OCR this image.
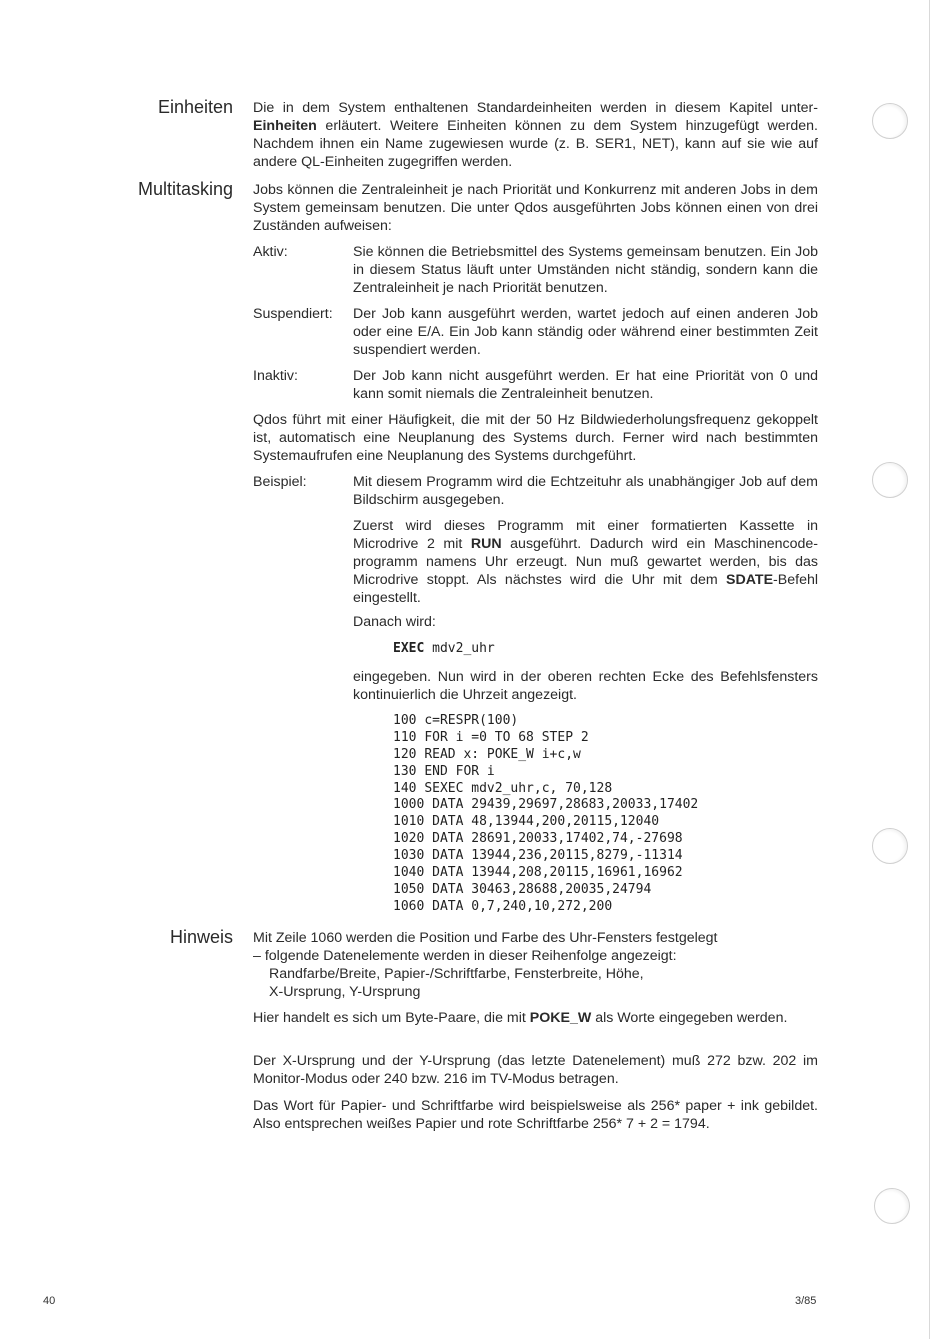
Einheiten Die in dem System enthaltenen Standardeinheiten werden in diesem Kapitel unter- Einheiten erläutert. Weitere Einheiten können zu dem System hinzugefügt werden. Nachdem ihnen ein Name zugewiesen wurde (z. B. SER1, NET), kann auf sie wie auf andere QL-Einheiten zugegriffen werden.
Multitasking Jobs können die Zentraleinheit je nach Priorität und Konkurrenz mit anderen Jobs in dem System gemeinsam benutzen. Die unter Qdos ausgeführten Jobs können einen von drei Zuständen aufweisen:
Aktiv:	Sie können die Betriebsmittel des Systems gemeinsam benutzen. Ein Job in diesem Status läuft unter Umständen nicht ständig, sondern kann die Zentraleinheit je nach Priorität benutzen.
Suspendiert:	Der Job kann ausgeführt werden, wartet jedoch auf einen anderen Job oder eine E/A. Ein Job kann ständig oder während einer bestimmten Zeit suspendiert werden.
Inaktiv:	Der Job kann nicht ausgeführt werden. Er hat eine Priorität von 0 und kann somit niemals die Zentraleinheit benutzen.
Qdos führt mit einer Häufigkeit, die mit der 50 Hz Bildwiederholungsfrequenz gekoppelt ist, automatisch eine Neuplanung des Systems durch. Ferner wird nach bestimmten Systemaufrufen eine Neuplanung des Systems durchgeführt.
Beispiel:	Mit diesem Programm wird die Echtzeituhr als unabhängiger Job auf dem Bildschirm ausgegeben.
Zuerst wird dieses Programm mit einer formatierten Kassette in Microdrive 2 mit RUN ausgeführt. Dadurch wird ein Maschinencode-programm namens Uhr erzeugt. Nun muß gewartet werden, bis das Microdrive stoppt. Als nächstes wird die Uhr mit dem SDATE-Befehl eingestellt.
Danach wird:
EXEC mdv2_uhr
eingegeben. Nun wird in der oberen rechten Ecke des Befehlsfensters kontinuierlich die Uhrzeit angezeigt.
100 c=RESPR(100)
110 FOR i =0 TO 68 STEP 2
120 READ x: POKE_W i+c,w
130 END FOR i
140 SEXEC mdv2_uhr,c, 70,128
1000 DATA 29439,29697,28683,20033,17402
1010 DATA 48,13944,200,20115,12040
1020 DATA 28691,20033,17402,74,-27698
1030 DATA 13944,236,20115,8279,-11314
1040 DATA 13944,208,20115,16961,16962
1050 DATA 30463,28688,20035,24794
1060 DATA 0,7,240,10,272,200
Hinweis Mit Zeile 1060 werden die Position und Farbe des Uhr-Fensters festgelegt
– folgende Datenelemente werden in dieser Reihenfolge angezeigt:
Randfarbe/Breite, Papier-/Schriftfarbe, Fensterbreite, Höhe,
X-Ursprung, Y-Ursprung
Hier handelt es sich um Byte-Paare, die mit POKE_W als Worte eingegeben werden.
Der X-Ursprung und der Y-Ursprung (das letzte Datenelement) muß 272 bzw. 202 im Monitor-Modus oder 240 bzw. 216 im TV-Modus betragen.
Das Wort für Papier- und Schriftfarbe wird beispielsweise als 256* paper + ink gebildet. Also entsprechen weißes Papier und rote Schriftfarbe 256* 7 + 2 = 1794.
40	3/85
